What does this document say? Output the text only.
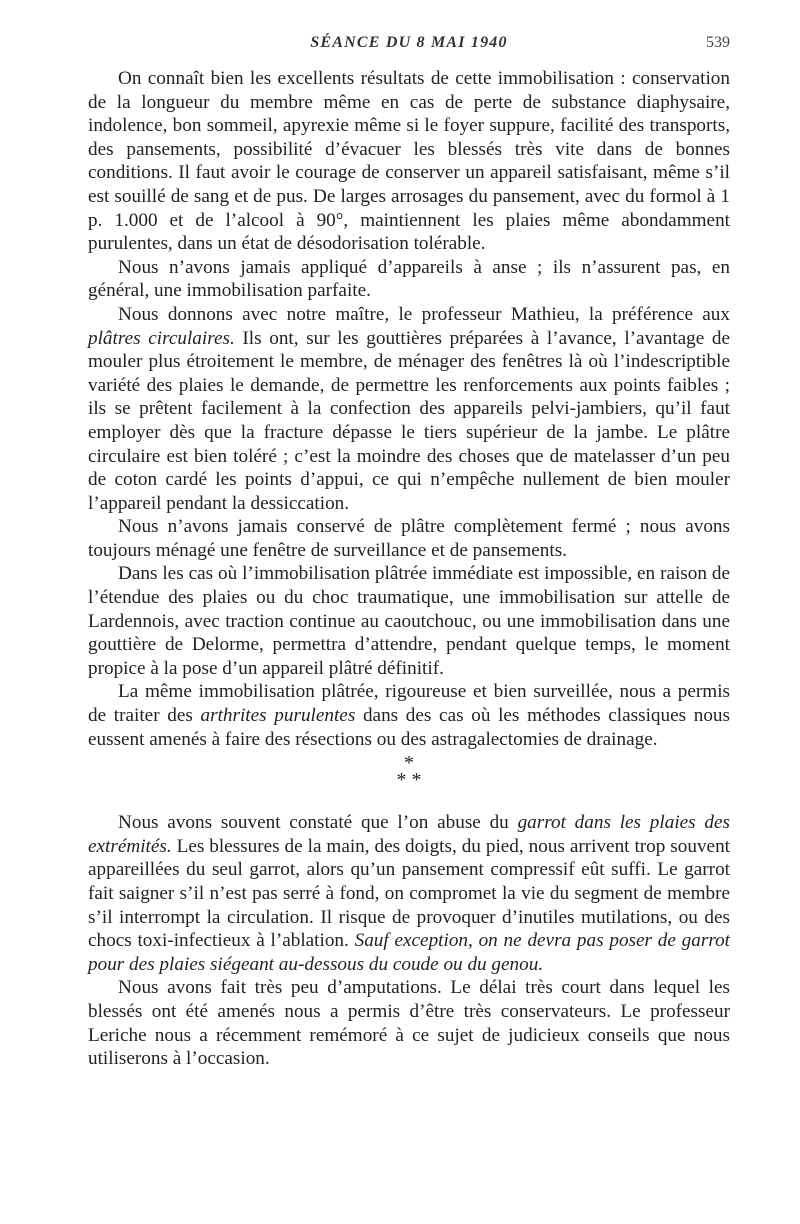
SÉANCE DU 8 MAI 1940	539

On connaît bien les excellents résultats de cette immobilisation : conservation de la longueur du membre même en cas de perte de substance diaphysaire, indolence, bon sommeil, apyrexie même si le foyer suppure, facilité des transports, des pansements, possibilité d’évacuer les blessés très vite dans de bonnes conditions. Il faut avoir le courage de conserver un appareil satisfaisant, même s’il est souillé de sang et de pus. De larges arrosages du pansement, avec du formol à 1 p. 1.000 et de l’alcool à 90°, maintiennent les plaies même abondamment purulentes, dans un état de désodorisation tolérable.

Nous n’avons jamais appliqué d’appareils à anse ; ils n’assurent pas, en général, une immobilisation parfaite.

Nous donnons avec notre maître, le professeur Mathieu, la préférence aux plâtres circulaires. Ils ont, sur les gouttières préparées à l’avance, l’avantage de mouler plus étroitement le membre, de ménager des fenêtres là où l’indescriptible variété des plaies le demande, de permettre les renforcements aux points faibles ; ils se prêtent facilement à la confection des appareils pelvi-jambiers, qu’il faut employer dès que la fracture dépasse le tiers supérieur de la jambe. Le plâtre circulaire est bien toléré ; c’est la moindre des choses que de matelasser d’un peu de coton cardé les points d’appui, ce qui n’empêche nullement de bien mouler l’appareil pendant la dessiccation.

Nous n’avons jamais conservé de plâtre complètement fermé ; nous avons toujours ménagé une fenêtre de surveillance et de pansements.

Dans les cas où l’immobilisation plâtrée immédiate est impossible, en raison de l’étendue des plaies ou du choc traumatique, une immobilisation sur attelle de Lardennois, avec traction continue au caoutchouc, ou une immobilisation dans une gouttière de Delorme, permettra d’attendre, pendant quelque temps, le moment propice à la pose d’un appareil plâtré définitif.

La même immobilisation plâtrée, rigoureuse et bien surveillée, nous a permis de traiter des arthrites purulentes dans des cas où les méthodes classiques nous eussent amenés à faire des résections ou des astragalectomies de drainage.

*
* *

Nous avons souvent constaté que l’on abuse du garrot dans les plaies des extrémités. Les blessures de la main, des doigts, du pied, nous arrivent trop souvent appareillées du seul garrot, alors qu’un pansement compressif eût suffi. Le garrot fait saigner s’il n’est pas serré à fond, on compromet la vie du segment de membre s’il interrompt la circulation. Il risque de provoquer d’inutiles mutilations, ou des chocs toxi-infectieux à l’ablation. Sauf exception, on ne devra pas poser de garrot pour des plaies siégeant au-dessous du coude ou du genou.

Nous avons fait très peu d’amputations. Le délai très court dans lequel les blessés ont été amenés nous a permis d’être très conservateurs. Le professeur Leriche nous a récemment remémoré à ce sujet de judicieux conseils que nous utiliserons à l’occasion.
